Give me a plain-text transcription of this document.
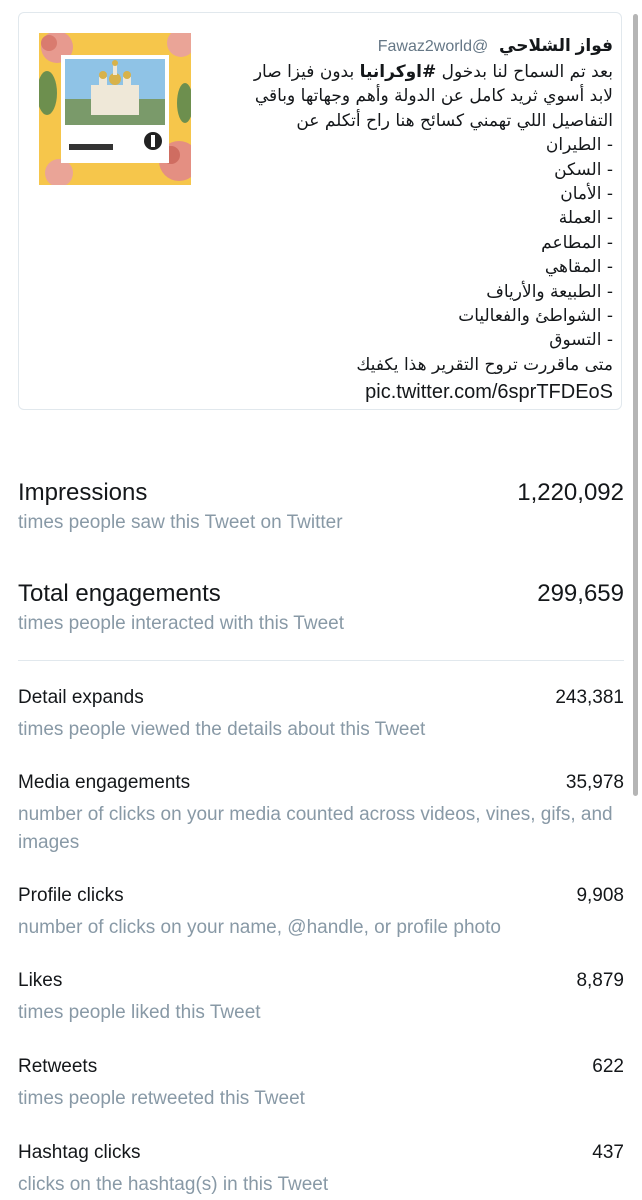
فواز الشلاحي @Fawaz2world
بعد تم السماح لنا بدخول #اوكرانيا بدون فيزا صار
لابد أسوي ثريد كامل عن الدولة وأهم وجهاتها وباقي
التفاصيل اللي تهمني كسائح هنا راح أتكلم عن
- الطيران
- السكن
- الأمان
- العملة
- المطاعم
- المقاهي
- الطبيعة والأرياف
- الشواطئ والفعاليات
- التسوق
متى ماقررت تروح التقرير هذا يكفيك
pic.twitter.com/6sprTFDEoS
Impressions	1,220,092
times people saw this Tweet on Twitter
Total engagements	299,659
times people interacted with this Tweet
Detail expands	243,381
times people viewed the details about this Tweet
Media engagements	35,978
number of clicks on your media counted across videos, vines, gifs, and images
Profile clicks	9,908
number of clicks on your name, @handle, or profile photo
Likes	8,879
times people liked this Tweet
Retweets	622
times people retweeted this Tweet
Hashtag clicks	437
clicks on the hashtag(s) in this Tweet
